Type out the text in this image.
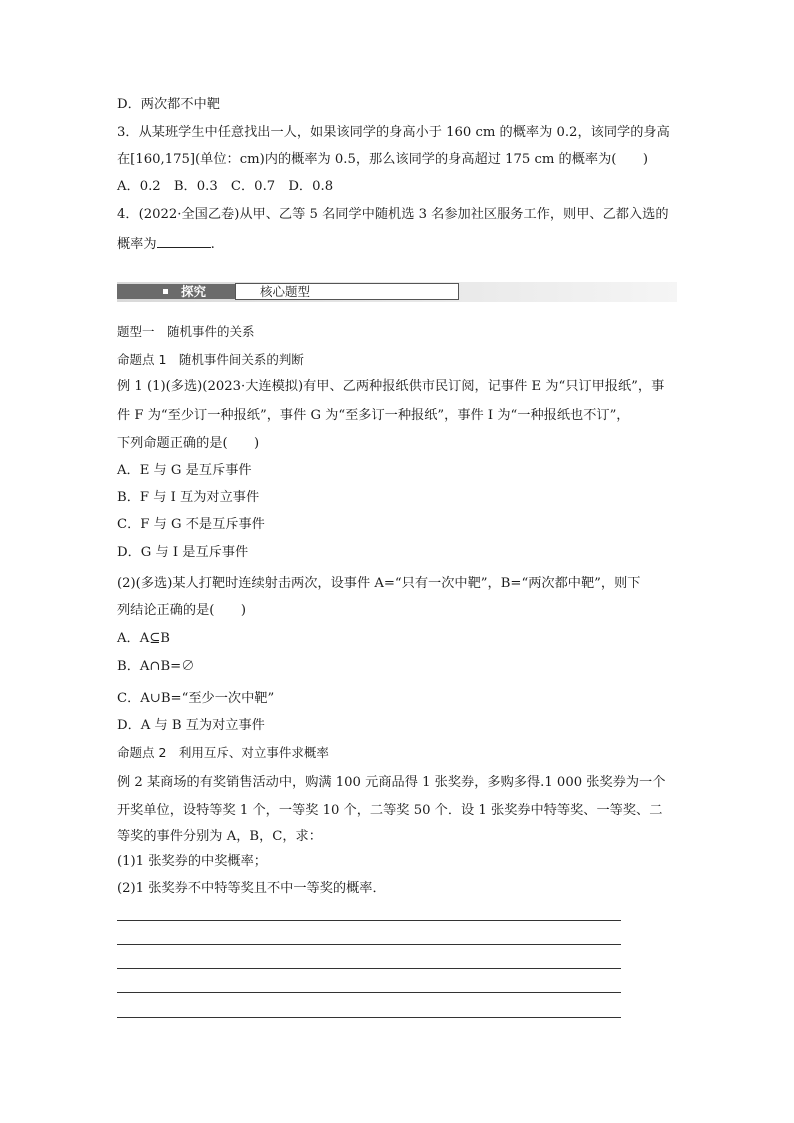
D．两次都不中靶
3．从某班学生中任意找出一人，如果该同学的身高小于 160 cm 的概率为 0.2，该同学的身高
在[160,175](单位：cm)内的概率为 0.5，那么该同学的身高超过 175 cm 的概率为(　　)
A．0.2　B．0.3　C．0.7　D．0.8
4．(2022·全国乙卷)从甲、乙等 5 名同学中随机选 3 名参加社区服务工作，则甲、乙都入选的
概率为	.
探究	核心题型
题型一　随机事件的关系
命题点 1　随机事件间关系的判断
例 1 (1)(多选)(2023·大连模拟)有甲、乙两种报纸供市民订阅，记事件 E 为“只订甲报纸”，事
件 F 为“至少订一种报纸”，事件 G 为“至多订一种报纸”，事件 I 为“一种报纸也不订”，
下列命题正确的是(　　)
A．E 与 G 是互斥事件
B．F 与 I 互为对立事件
C．F 与 G 不是互斥事件
D．G 与 I 是互斥事件
(2)(多选)某人打靶时连续射击两次，设事件 A=“只有一次中靶”，B=“两次都中靶”，则下
列结论正确的是(　　)
A．A⊆B
B．A∩B=∅
C．A∪B=“至少一次中靶”
D．A 与 B 互为对立事件
命题点 2　利用互斥、对立事件求概率
例 2 某商场的有奖销售活动中，购满 100 元商品得 1 张奖券，多购多得.1 000 张奖券为一个
开奖单位，设特等奖 1 个，一等奖 10 个，二等奖 50 个．设 1 张奖券中特等奖、一等奖、二
等奖的事件分别为 A，B，C，求：
(1)1 张奖券的中奖概率；
(2)1 张奖券不中特等奖且不中一等奖的概率．
